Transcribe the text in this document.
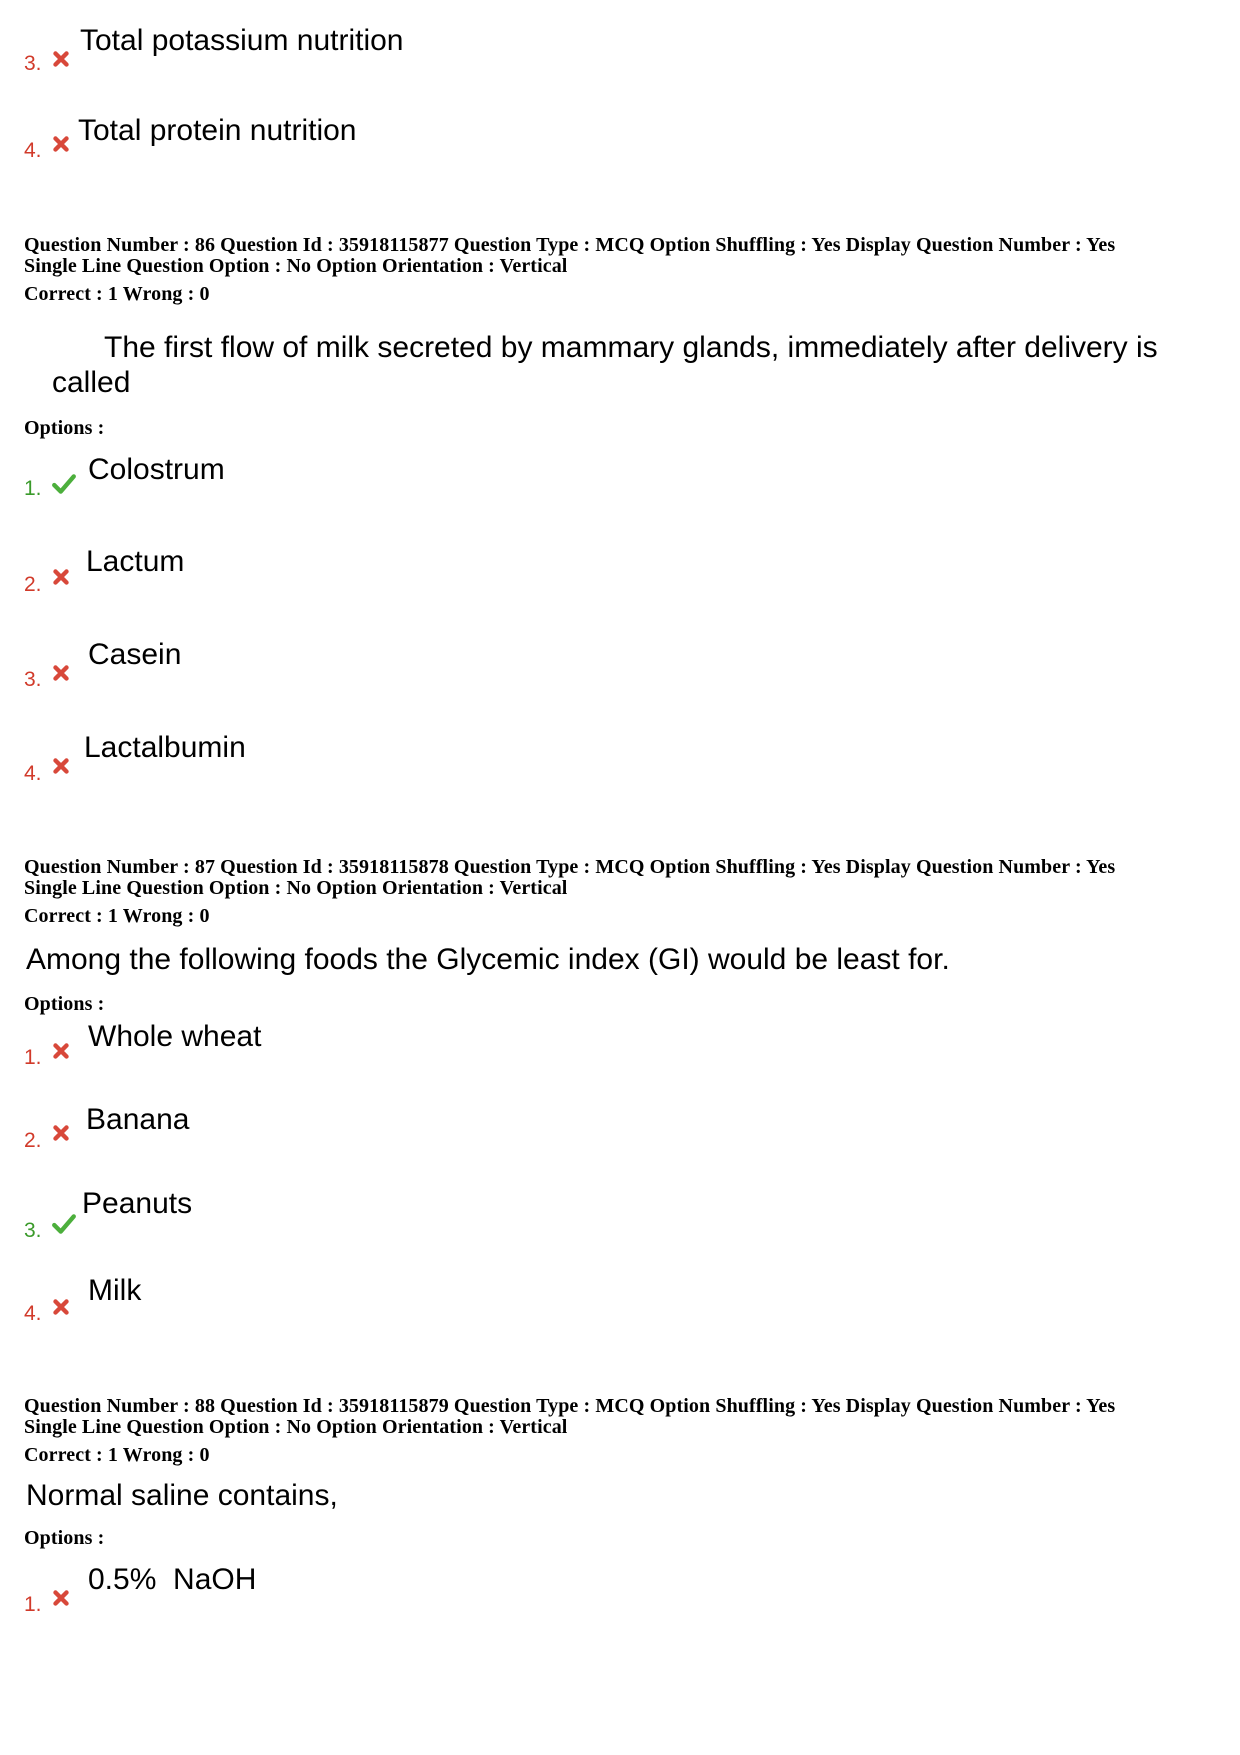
3.
Total potassium nutrition
4.
Total protein nutrition
Question Number : 86 Question Id : 35918115877 Question Type : MCQ Option Shuffling : Yes Display Question Number : Yes
Single Line Question Option : No Option Orientation : Vertical
Correct : 1 Wrong : 0
The first flow of milk secreted by mammary glands, immediately after delivery is
called
Options :
1.
Colostrum
2.
Lactum
3.
Casein
4.
Lactalbumin
Question Number : 87 Question Id : 35918115878 Question Type : MCQ Option Shuffling : Yes Display Question Number : Yes
Single Line Question Option : No Option Orientation : Vertical
Correct : 1 Wrong : 0
Among the following foods the Glycemic index (GI) would be least for.
Options :
1.
Whole wheat
2.
Banana
3.
Peanuts
4.
Milk
Question Number : 88 Question Id : 35918115879 Question Type : MCQ Option Shuffling : Yes Display Question Number : Yes
Single Line Question Option : No Option Orientation : Vertical
Correct : 1 Wrong : 0
Normal saline contains,
Options :
1.
0.5%  NaOH
